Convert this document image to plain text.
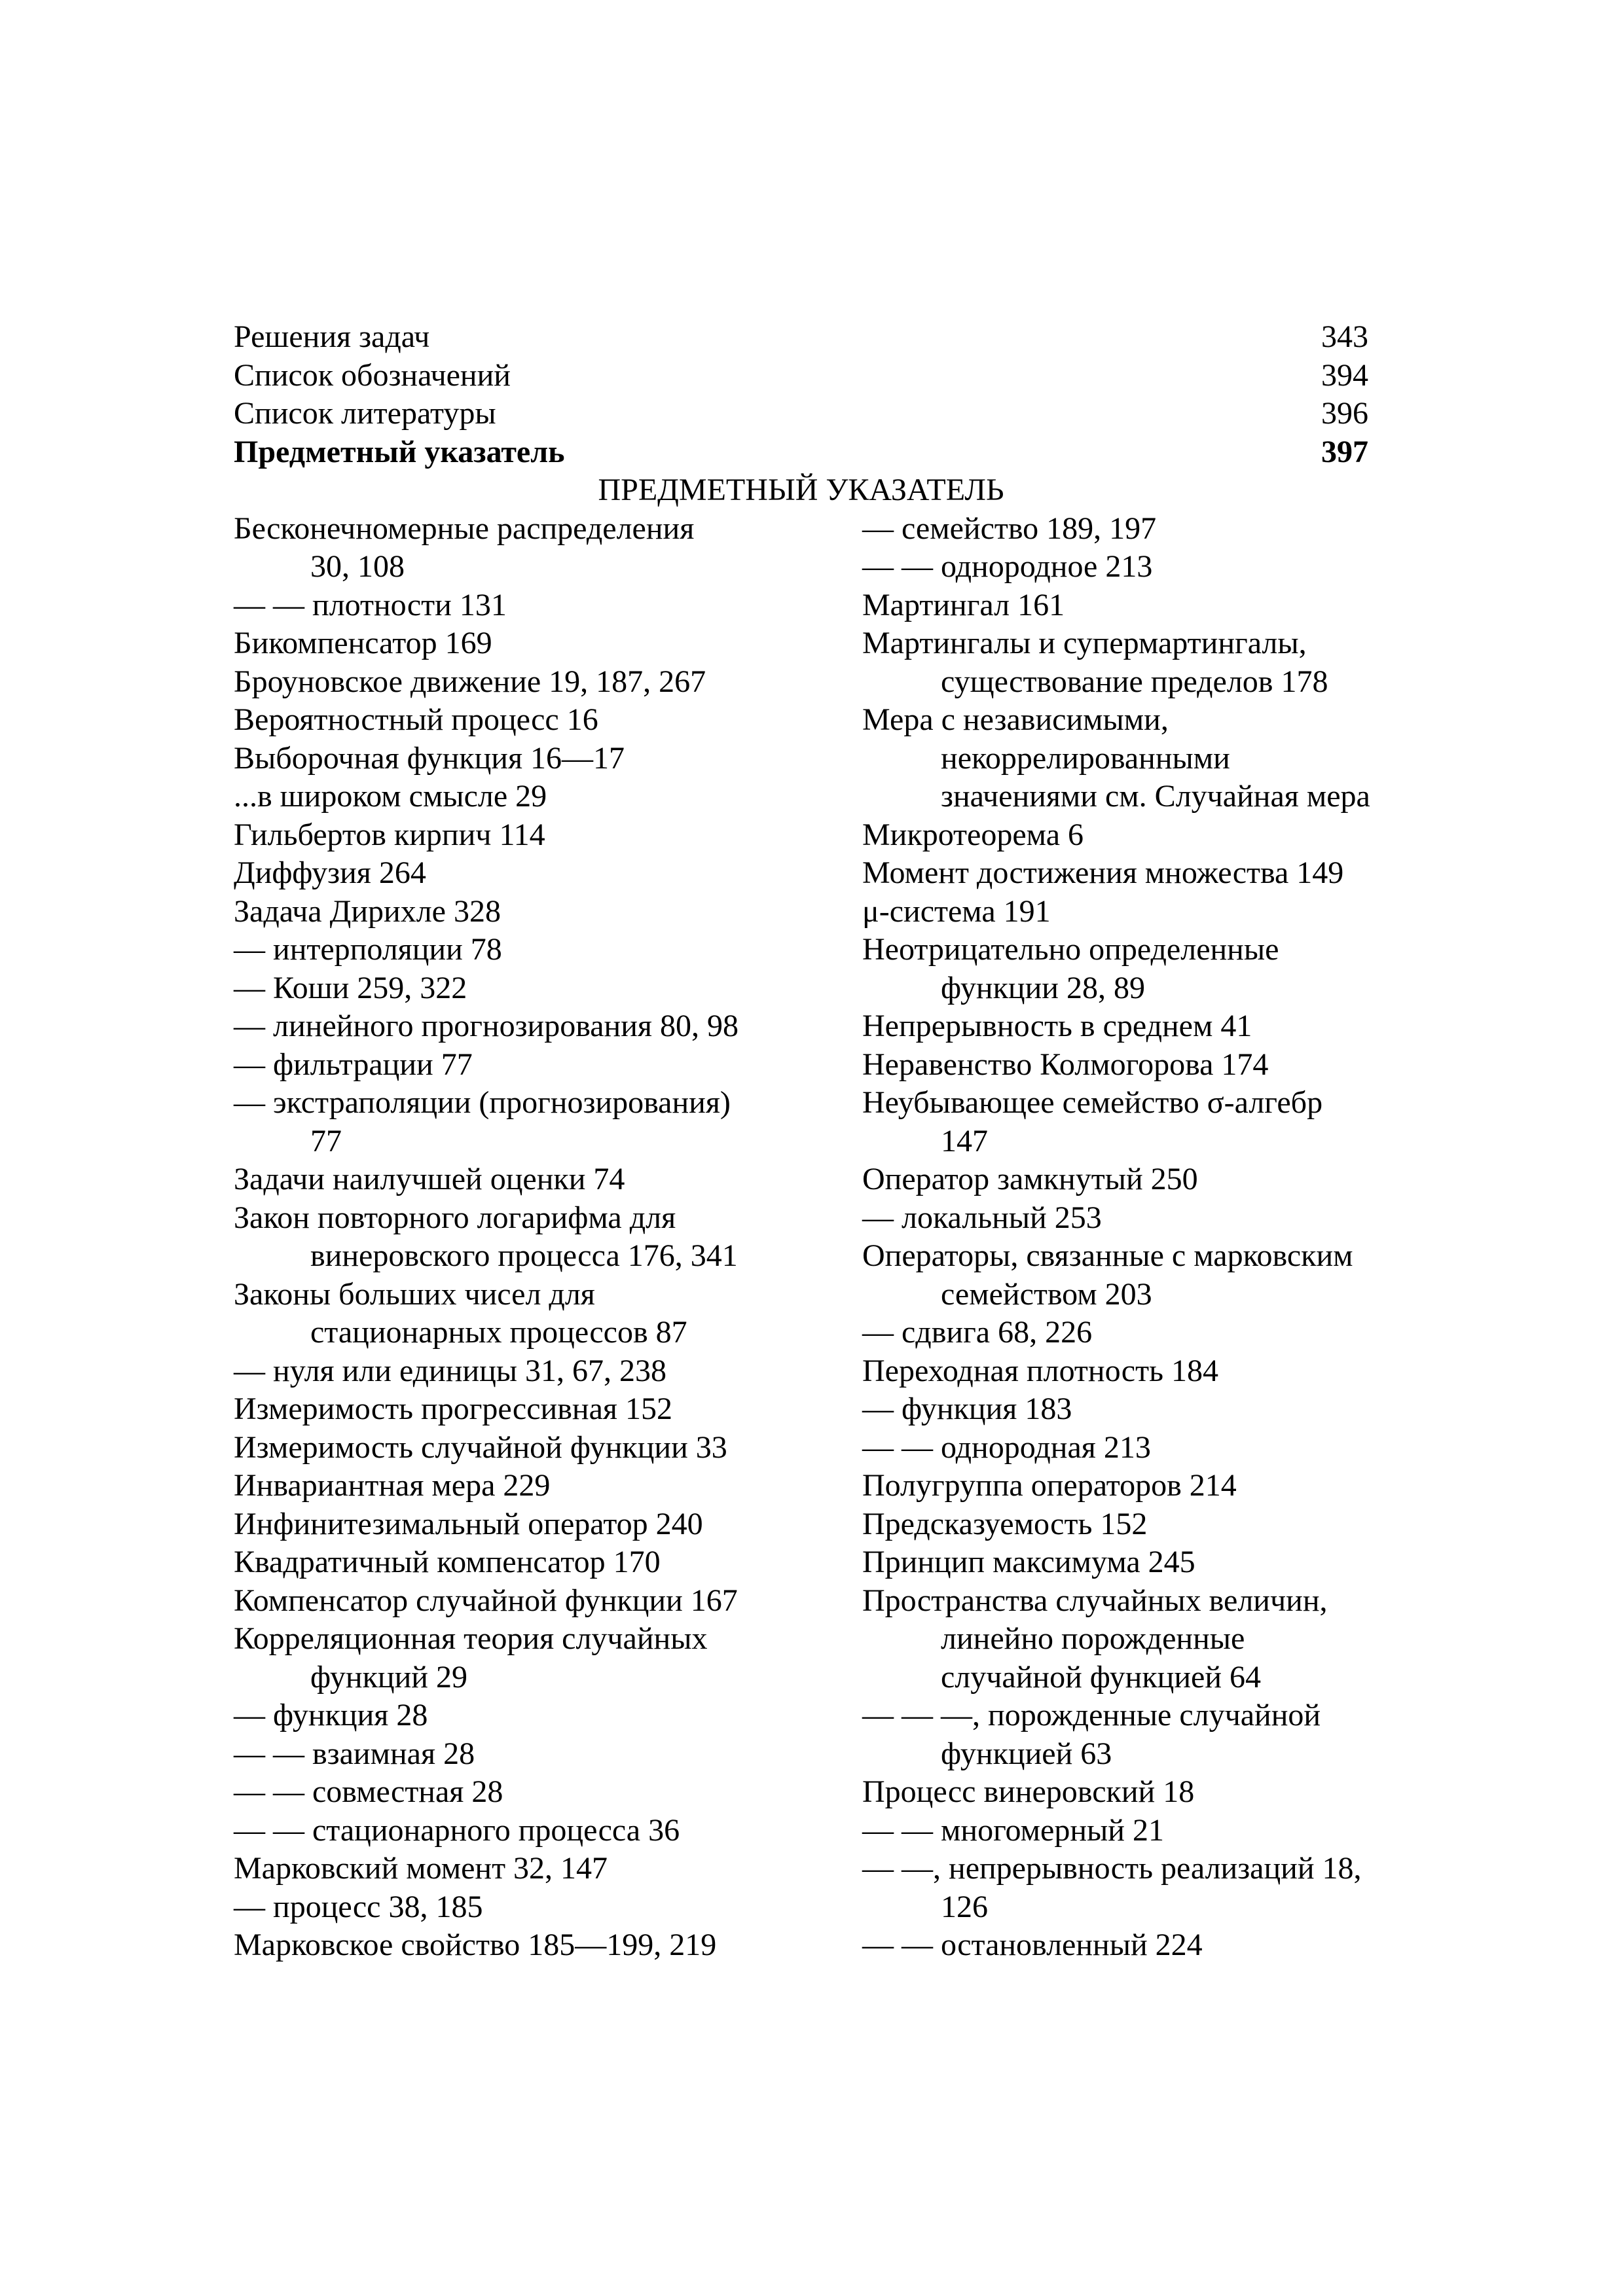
Решения задач	343
Список обозначений	394
Список литературы	396
Предметный указатель	397
ПРЕДМЕТНЫЙ УКАЗАТЕЛЬ
Бесконечномерные распределения
30, 108
— — плотности 131
Бикомпенсатор 169
Броуновское движение 19, 187, 267
Вероятностный процесс 16
Выборочная функция 16—17
...в широком смысле 29
Гильбертов кирпич 114
Диффузия 264
Задача Дирихле 328
— интерполяции 78
— Коши 259, 322
— линейного прогнозирования 80, 98
— фильтрации 77
— экстраполяции (прогнозирования)
77
Задачи наилучшей оценки 74
Закон повторного логарифма для
винеровского процесса 176, 341
Законы больших чисел для
стационарных процессов 87
— нуля или единицы 31, 67, 238
Измеримость прогрессивная 152
Измеримость случайной функции 33
Инвариантная мера 229
Инфинитезимальный оператор 240
Квадратичный компенсатор 170
Компенсатор случайной функции 167
Корреляционная теория случайных
функций 29
— функция 28
— — взаимная 28
— — совместная 28
— — стационарного процесса 36
Марковский момент 32, 147
— процесс 38, 185
Марковское свойство 185—199, 219
— семейство 189, 197
— — однородное 213
Мартингал 161
Мартингалы и супермартингалы,
существование пределов 178
Мера с независимыми,
некоррелированными
значениями см. Случайная мера
Микротеорема 6
Момент достижения множества 149
μ-система 191
Неотрицательно определенные
функции 28, 89
Непрерывность в среднем 41
Неравенство Колмогорова 174
Неубывающее семейство σ-алгебр
147
Оператор замкнутый 250
— локальный 253
Операторы, связанные с марковским
семейством 203
— сдвига 68, 226
Переходная плотность 184
— функция 183
— — однородная 213
Полугруппа операторов 214
Предсказуемость 152
Принцип максимума 245
Пространства случайных величин,
линейно порожденные
случайной функцией 64
— — —, порожденные случайной
функцией 63
Процесс винеровский 18
— — многомерный 21
— —, непрерывность реализаций 18,
126
— — остановленный 224
